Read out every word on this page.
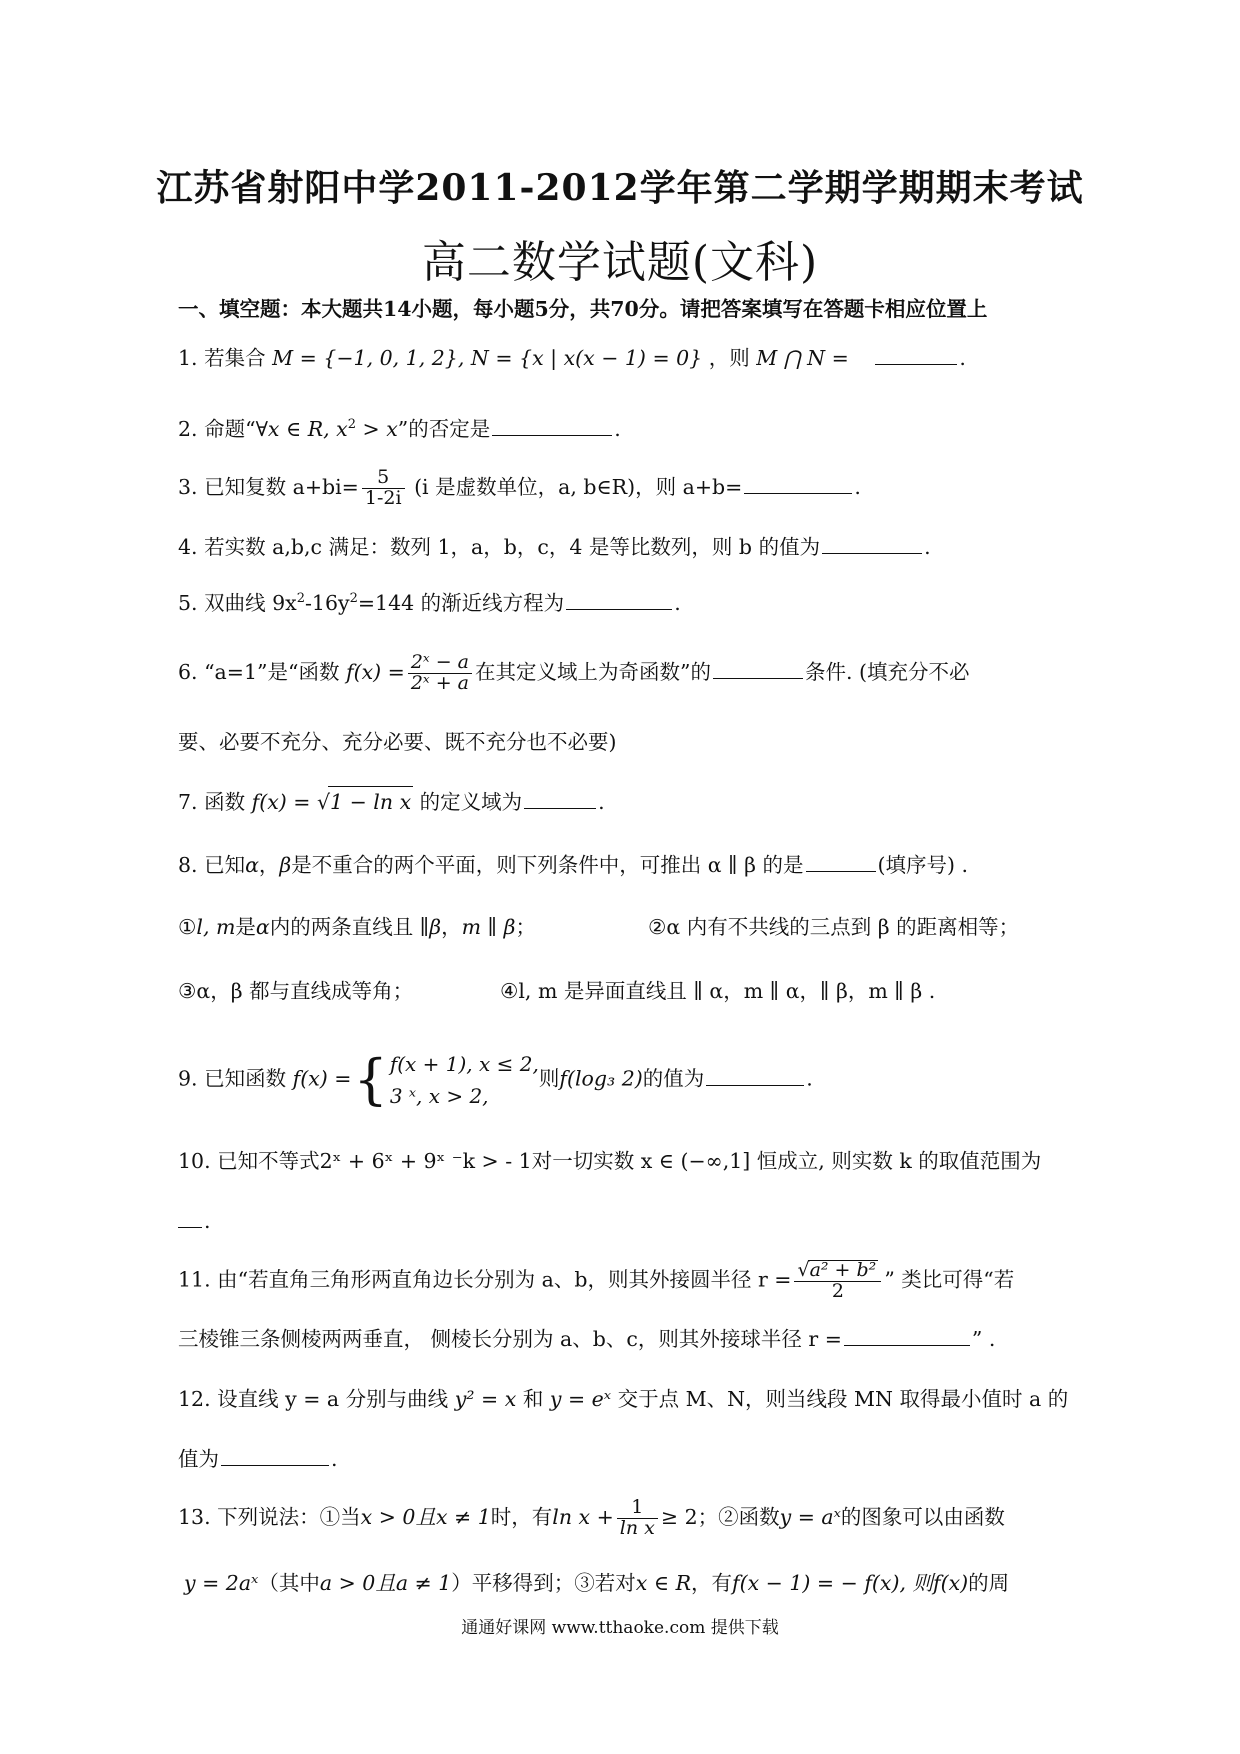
江苏省射阳中学2011-2012学年第二学期学期期末考试
高二数学试题(文科)
一、填空题：本大题共14小题，每小题5分，共70分。请把答案填写在答题卡相应位置上
1. 若集合 M = {−1, 0, 1, 2}, N = {x | x(x − 1) = 0} ，则 M ⋂ N =	.
2. 命题“∀x ∈ R, $x^2 > x$”的否定是	.
3. 已知复数 $a+bi= \frac{5}{1-2i} (i$ 是虚数单位，a, b∈R)，则 a+b=	.
4. 若实数 a,b,c 满足：数列 1，a，b，c，4 是等比数列，则 b 的值为	.
5. 双曲线 $9x^2-16y^2=144$ 的渐近线方程为	.
6. “a=1”是“函数 $f(x) = \frac{\text{2ˣ − a}}{\text{2ˣ + a}}$ 在其定义域上为奇函数”的	条件. (填充分不必
要、必要不充分、充分必要、既不充分也不必要)
7. 函数 f(x) = √1 − ln x 的定义域为	.
8. 已知α，β是不重合的两个平面，则下列条件中，可推出 α ∥ β 的是	(填序号) .
①l, m是α内的两条直线且 ∥β，m ∥ β；	②α 内有不共线的三点到 β 的距离相等；
③α，β 都与直线成等角；	④l, m 是异面直线且 ∥ α，m ∥ α，∥ β，m ∥ β .
9. 已知函数 f(x) ={ f(x + 1), x ≤ 2,
3 ˣ, x > 2,
则f(log₃ 2)的值为	.
10. 已知不等式2ˣ + 6ˣ + 9ˣ ⁻k > - 1对一切实数 x ∈ (−∞,1] 恒成立, 则实数 k 的取值范围为
.
11. 由“若直角三角形两直角边长分别为 a、b，则其外接圆半径 $r = \frac{\text{√a² + b²}}{2}$ ” 类比可得“若
三棱锥三条侧棱两两垂直， 侧棱长分别为 a、b、c，则其外接球半径 r =	” .
12. 设直线 y = a 分别与曲线 y² = x 和 y = eˣ 交于点 M、N，则当线段 MN 取得最小值时 a 的
值为	.
13. 下列说法：①当x > 0且x ≠ 1时，有$\ln x + \frac{1}{\text{ln x}} \ge 2$；②函数y = aˣ的图象可以由函数
y = 2aˣ（其中a > 0且a ≠ 1）平移得到；③若对x ∈ R，有f(x − 1) = − f(x), 则f(x)的周
通通好课网 www.tthaoke.com 提供下载
